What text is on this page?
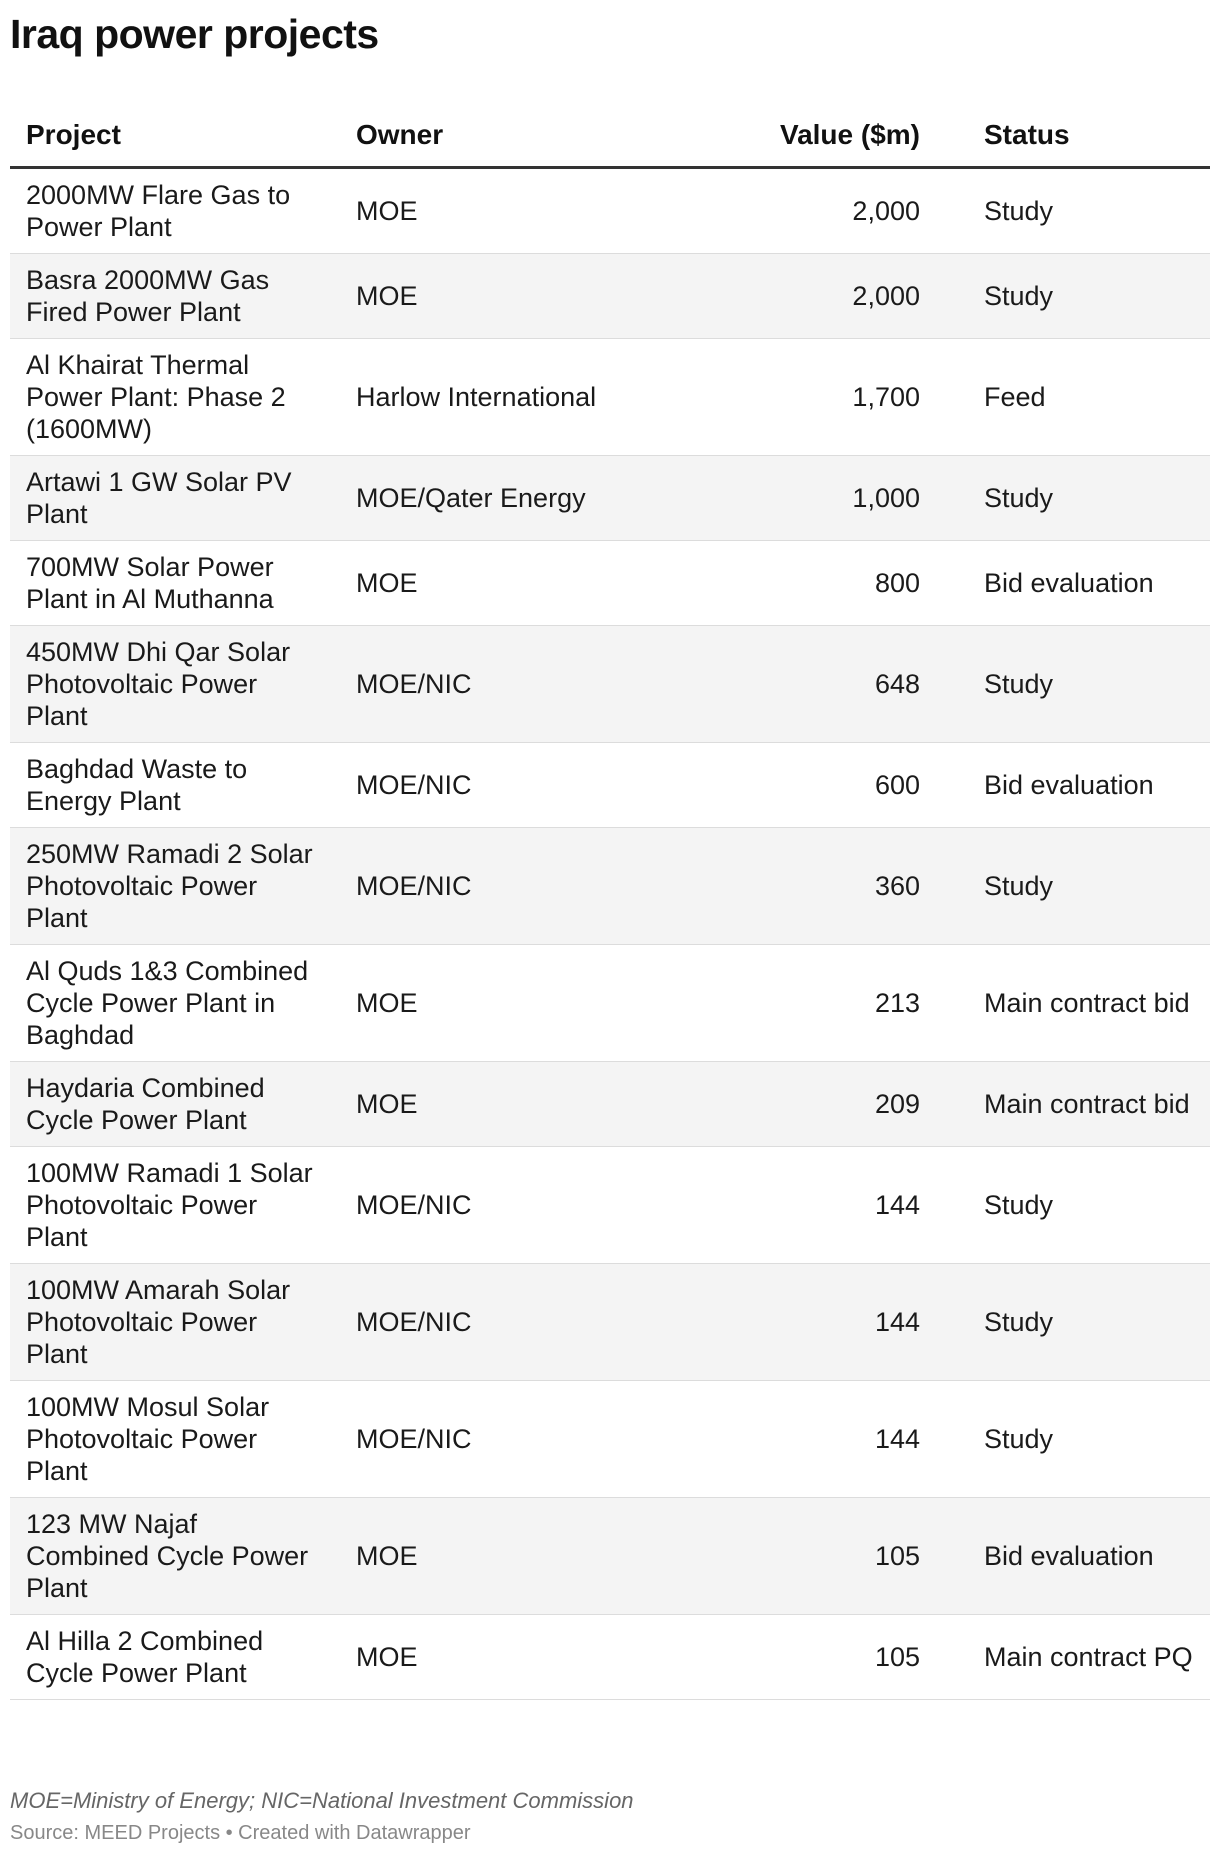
Iraq power projects
Project	Owner	Value ($m)	Status
2000MW Flare Gas to Power Plant	MOE	2,000	Study
Basra 2000MW Gas Fired Power Plant	MOE	2,000	Study
Al Khairat Thermal Power Plant: Phase 2 (1600MW)	Harlow International	1,700	Feed
Artawi 1 GW Solar PV Plant	MOE/Qater Energy	1,000	Study
700MW Solar Power Plant in Al Muthanna	MOE	800	Bid evaluation
450MW Dhi Qar Solar Photovoltaic Power Plant	MOE/NIC	648	Study
Baghdad Waste to Energy Plant	MOE/NIC	600	Bid evaluation
250MW Ramadi 2 Solar Photovoltaic Power Plant	MOE/NIC	360	Study
Al Quds 1&3 Combined Cycle Power Plant in Baghdad	MOE	213	Main contract bid
Haydaria Combined Cycle Power Plant	MOE	209	Main contract bid
100MW Ramadi 1 Solar Photovoltaic Power Plant	MOE/NIC	144	Study
100MW Amarah Solar Photovoltaic Power Plant	MOE/NIC	144	Study
100MW Mosul Solar Photovoltaic Power Plant	MOE/NIC	144	Study
123 MW Najaf Combined Cycle Power Plant	MOE	105	Bid evaluation
Al Hilla 2 Combined Cycle Power Plant	MOE	105	Main contract PQ
MOE=Ministry of Energy; NIC=National Investment Commission
Source: MEED Projects • Created with Datawrapper
